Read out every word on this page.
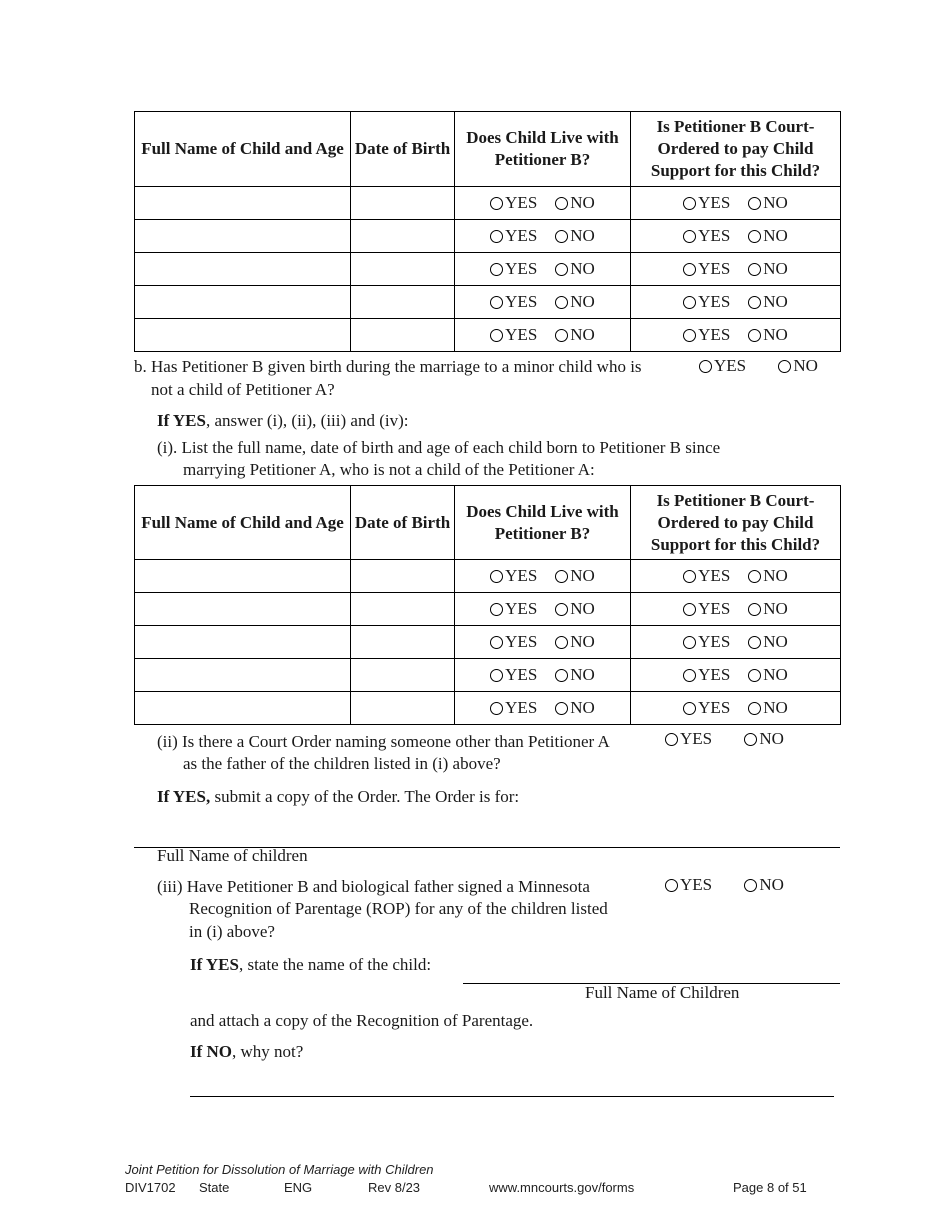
Full Name of Child and Age	Date of Birth	Does Child Live with Petitioner B?	Is Petitioner B Court-Ordered to pay Child Support for this Child?

		YES NO	YES NO

		YES NO	YES NO

		YES NO	YES NO

		YES NO	YES NO

		YES NO	YES NO
b. Has Petitioner B given birth during the marriage to a minor child who is
not a child of Petitioner A?
YES
	NO
If YES, answer (i), (ii), (iii) and (iv):
(i). List the full name, date of birth and age of each child born to Petitioner B since
marrying Petitioner A, who is not a child of the Petitioner A:
Full Name of Child and Age	Date of Birth	Does Child Live with Petitioner B?	Is Petitioner B Court-Ordered to pay Child Support for this Child?

		YES NO	YES NO

		YES NO	YES NO

		YES NO	YES NO

		YES NO	YES NO

		YES NO	YES NO
(ii) Is there a Court Order naming someone other than Petitioner A
as the father of the children listed in (i) above?
YES
	NO
If YES, submit a copy of the Order. The Order is for:
Full Name of children
(iii) Have Petitioner B and biological father signed a Minnesota
Recognition of Parentage (ROP) for any of the children listed
in (i) above?
YES
	NO
If YES, state the name of the child:
Full Name of Children
and attach a copy of the Recognition of Parentage.
If NO, why not?
Joint Petition for Dissolution of Marriage with Children
DIV1702 State	ENG	Rev 8/23	www.mncourts.gov/forms	Page 8 of 51
